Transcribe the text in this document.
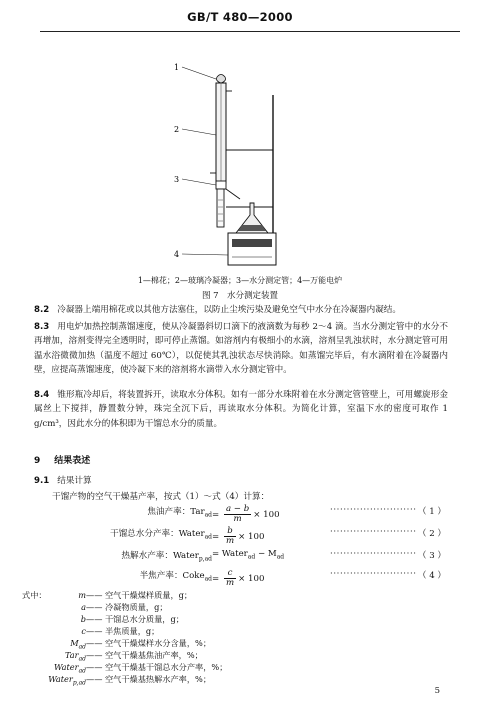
GB/T 480—2000
1
2
3
4
1—棉花；2—玻璃冷凝器；3—水分测定管；4—万能电炉
图 7　水分测定装置
8.2 冷凝器上端用棉花或以其他方法塞住，以防止尘埃污染及避免空气中水分在冷凝器内凝结。
8.3 用电炉加热控制蒸馏速度，使从冷凝器斜切口滴下的液滴数为每秒 2～4 滴。当水分测定管中的水分不再增加，溶剂变得完全透明时，即可停止蒸馏。如溶剂内有极细小的水滴，溶剂呈乳浊状时，水分测定管可用温水浴微微加热（温度不超过 60℃），以促使其乳浊状态尽快消除。如蒸馏完毕后，有水滴附着在冷凝器内壁，应提高蒸馏速度，使冷凝下来的溶剂将水滴带入水分测定管中。
8.4 锥形瓶冷却后，将装置拆开，读取水分体积。如有一部分水珠附着在水分测定管管壁上，可用螺旋形金属丝上下搅拌，静置数分钟，珠完全沉下后，再读取水分体积。为简化计算，室温下水的密度可取作 1 g/cm³，因此水分的体积即为干馏总水分的质量。
9 结果表述
9.1 结果计算
干馏产物的空气干燥基产率，按式（1）～式（4）计算：
焦油产率：$Tar_{ad} = \frac{a - b}{m} \times 100$	·························· （ 1 ）
干馏总水分产率：Water$_{ad}$ = $\frac{b}{m} \times 100$	·························· （ 2 ）
热解水产率：Water$_{p,ad}$
= Water$_{ad}$ − $M_{ad}$	·························· （ 3 ）
半焦产率：Coke$_{ad}$ = $\frac{c}{m} \times 100$	·························· （ 4 ）
式中：	m—— 空气干燥煤样质量，g；
a—— 冷凝物质量，g；
b—— 干馏总水分质量，g；
c—— 半焦质量，g；
$M_{ad}——$ 空气干燥煤样水分含量，%；
Tar$_{ad}$—— 空气干燥基焦油产率，%；
Water$_{ad}$—— 空气干燥基干馏总水分产率，%；
Water$_{p,ad}$—— 空气干燥基热解水产率，%；
5
